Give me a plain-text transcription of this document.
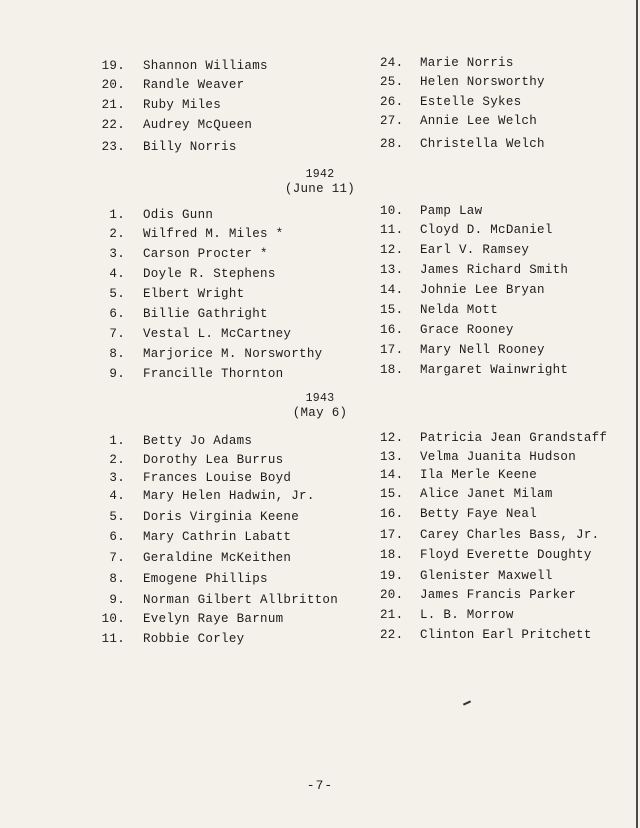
19. Shannon Williams
20. Randle Weaver
21. Ruby Miles
22. Audrey McQueen
23. Billy Norris
24. Marie Norris
25. Helen Norsworthy
26. Estelle Sykes
27. Annie Lee Welch
28. Christella Welch
1942
(June 11)
1. Odis Gunn
2. Wilfred M. Miles *
3. Carson Procter *
4. Doyle R. Stephens
5. Elbert Wright
6. Billie Gathright
7. Vestal L. McCartney
8. Marjorice M. Norsworthy
9. Francille Thornton
10. Pamp Law
11. Cloyd D. McDaniel
12. Earl V. Ramsey
13. James Richard Smith
14. Johnie Lee Bryan
15. Nelda Mott
16. Grace Rooney
17. Mary Nell Rooney
18. Margaret Wainwright
1943
(May 6)
1. Betty Jo Adams
2. Dorothy Lea Burrus
3. Frances Louise Boyd
4. Mary Helen Hadwin, Jr.
5. Doris Virginia Keene
6. Mary Cathrin Labatt
7. Geraldine McKeithen
8. Emogene Phillips
9. Norman Gilbert Allbritton
10. Evelyn Raye Barnum
11. Robbie Corley
12. Patricia Jean Grandstaff
13. Velma Juanita Hudson
14. Ila Merle Keene
15. Alice Janet Milam
16. Betty Faye Neal
17. Carey Charles Bass, Jr.
18. Floyd Everette Doughty
19. Glenister Maxwell
20. James Francis Parker
21. L. B. Morrow
22. Clinton Earl Pritchett
-7-
